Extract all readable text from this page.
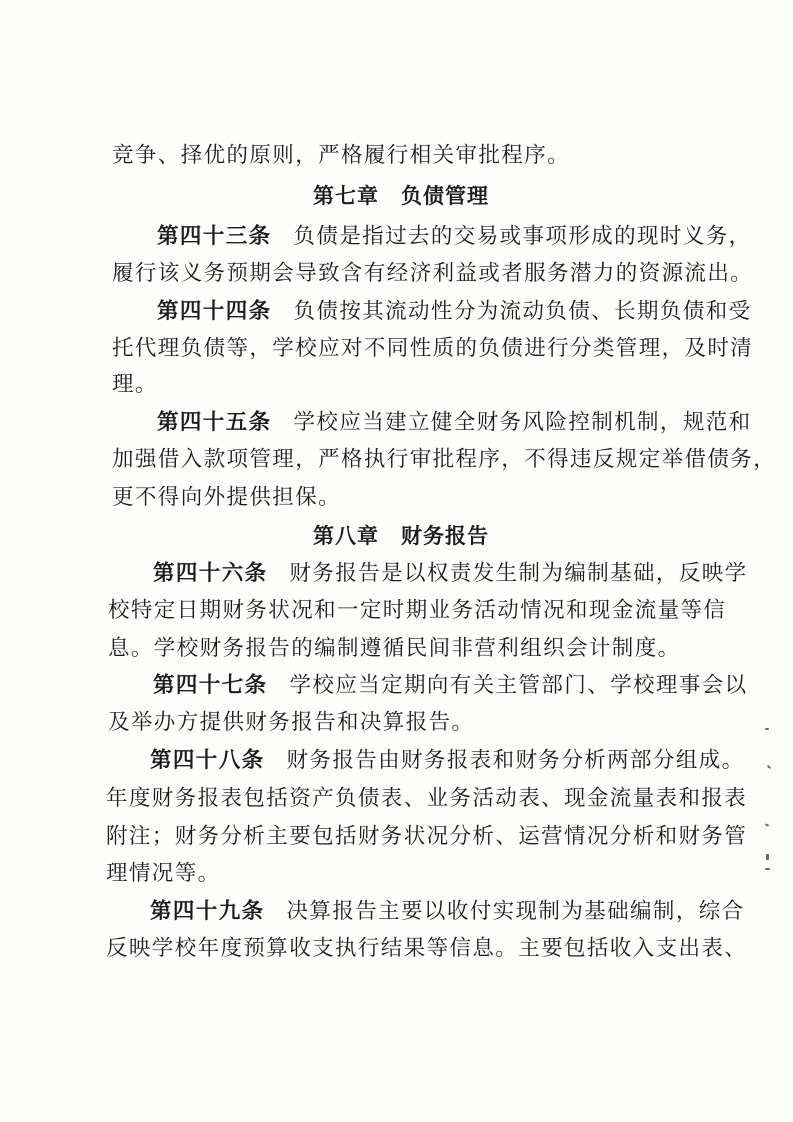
竞争、择优的原则，严格履行相关审批程序。
第七章　负债管理
第四十三条 负债是指过去的交易或事项形成的现时义务，
履行该义务预期会导致含有经济利益或者服务潜力的资源流出。
第四十四条 负债按其流动性分为流动负债、长期负债和受
托代理负债等，学校应对不同性质的负债进行分类管理，及时清
理。
第四十五条 学校应当建立健全财务风险控制机制，规范和
加强借入款项管理，严格执行审批程序，不得违反规定举借债务，
更不得向外提供担保。
第八章　财务报告
第四十六条 财务报告是以权责发生制为编制基础，反映学
校特定日期财务状况和一定时期业务活动情况和现金流量等信
息。学校财务报告的编制遵循民间非营利组织会计制度。
第四十七条 学校应当定期向有关主管部门、学校理事会以
及举办方提供财务报告和决算报告。
第四十八条 财务报告由财务报表和财务分析两部分组成。
年度财务报表包括资产负债表、业务活动表、现金流量表和报表
附注；财务分析主要包括财务状况分析、运营情况分析和财务管
理情况等。
第四十九条 决算报告主要以收付实现制为基础编制，综合
反映学校年度预算收支执行结果等信息。主要包括收入支出表、
